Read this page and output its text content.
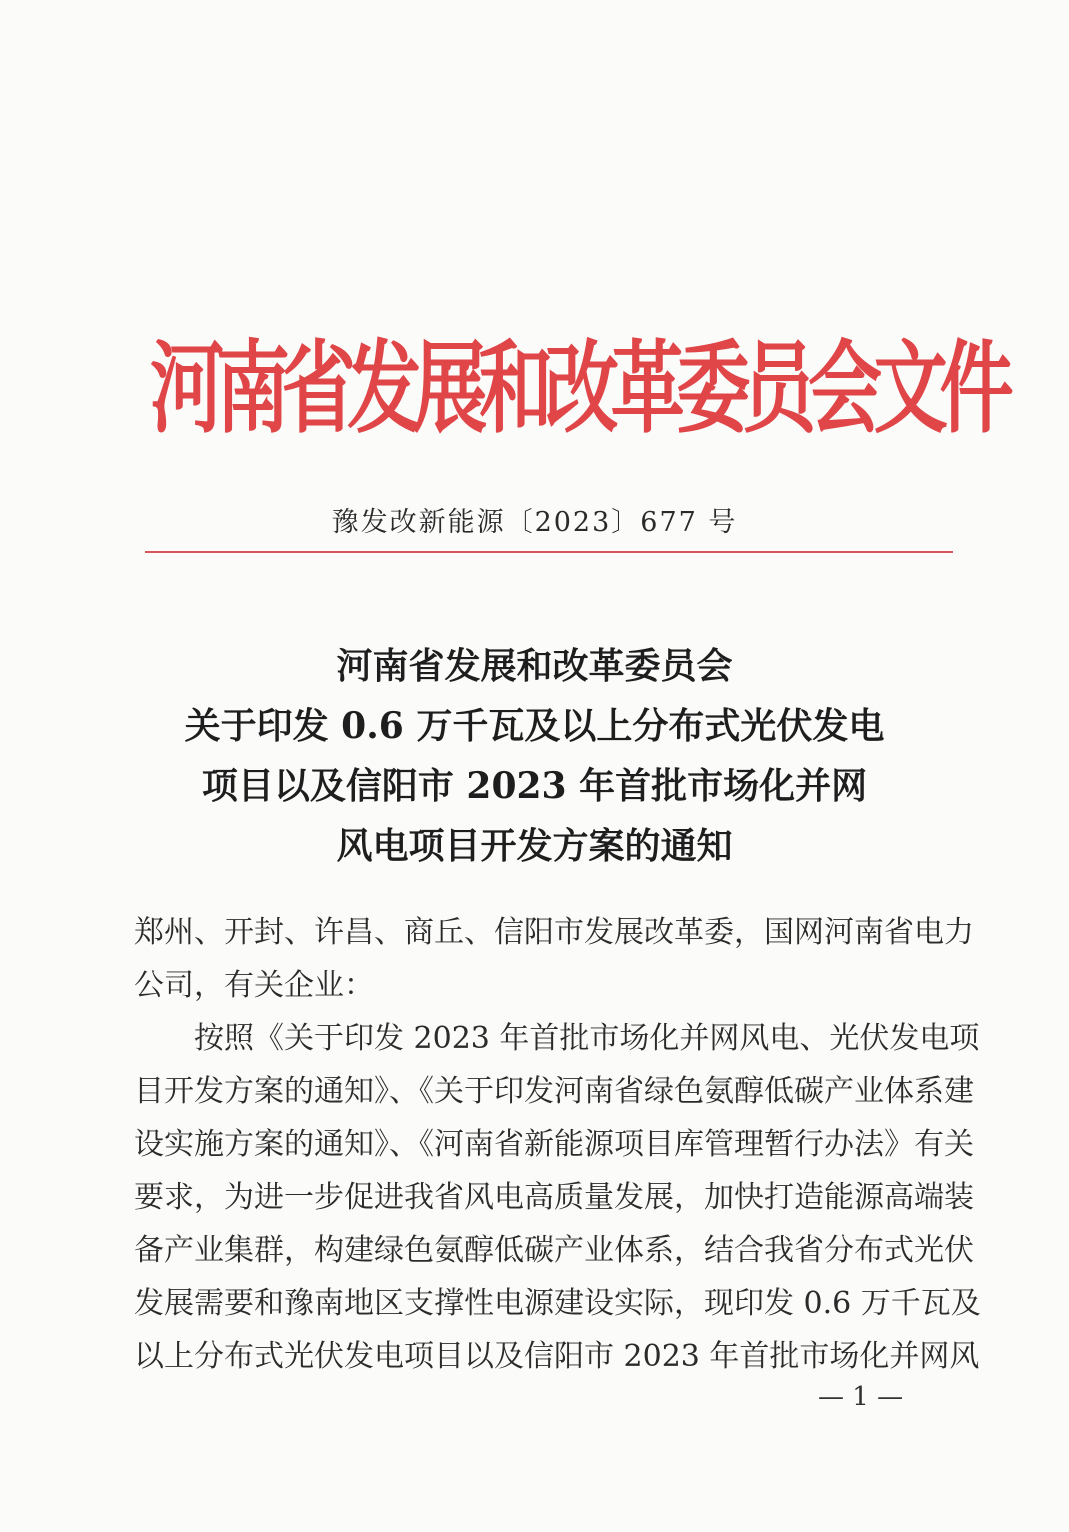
河
南
省
发
展
和
改
革
委
员
会
文
件
豫发改新能源〔2023〕677 号
河南省发展和改革委员会
关于印发 0.6 万千瓦及以上分布式光伏发电
项目以及信阳市 2023 年首批市场化并网
风电项目开发方案的通知

郑州、开封、许昌、商丘、信阳市发展改革委，国网河南省电力

公司，有关企业：

按照《关于印发 2023 年首批市场化并网风电、光伏发电项

目开发方案的通知》、《关于印发河南省绿色氨醇低碳产业体系建

设实施方案的通知》、《河南省新能源项目库管理暂行办法》有关

要求，为进一步促进我省风电高质量发展，加快打造能源高端装

备产业集群，构建绿色氨醇低碳产业体系，结合我省分布式光伏

发展需要和豫南地区支撑性电源建设实际，现印发 0.6 万千瓦及

以上分布式光伏发电项目以及信阳市 2023 年首批市场化并网风

— 1 —
